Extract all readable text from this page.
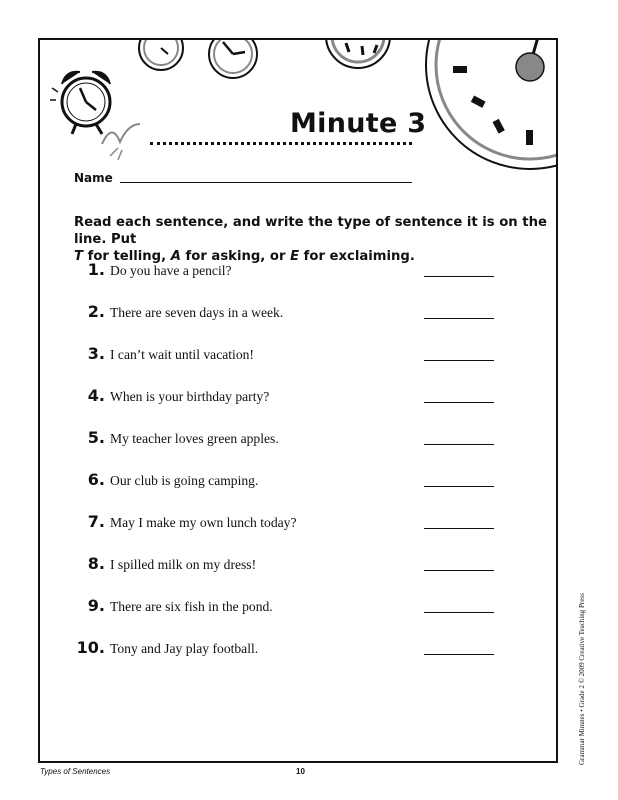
Minute 3
Name
Read each sentence, and write the type of sentence it is on the line. Put
T for telling, A for asking, or E for exclaiming.
1. Do you have a pencil?
2. There are seven days in a week.
3. I can’t wait until vacation!
4. When is your birthday party?
5. My teacher loves green apples.
6. Our club is going camping.
7. May I make my own lunch today?
8. I spilled milk on my dress!
9. There are six fish in the pond.
10. Tony and Jay play football.
Types of Sentences	10
Grammar Minutes • Grade 2 © 2009 Creative Teaching Press
